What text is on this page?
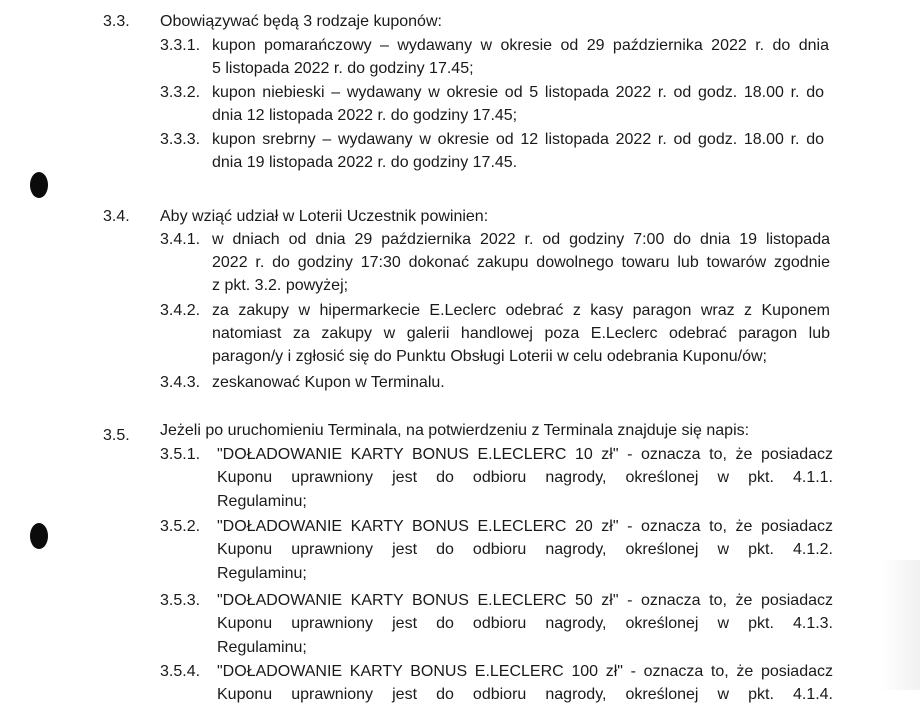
3.3. Obowiązywać będą 3 rodzaje kuponów:
3.3.1. kupon pomarańczowy – wydawany w okresie od 29 października 2022 r. do dnia
5 listopada 2022 r. do godziny 17.45;
3.3.2. kupon niebieski – wydawany w okresie od 5 listopada 2022 r. od godz. 18.00 r. do
dnia 12 listopada 2022 r. do godziny 17.45;
3.3.3. kupon srebrny – wydawany w okresie od 12 listopada 2022 r. od godz. 18.00 r. do
dnia 19 listopada 2022 r. do godziny 17.45.
3.4. Aby wziąć udział w Loterii Uczestnik powinien:
3.4.1. w dniach od dnia 29 października 2022 r. od godziny 7:00 do dnia 19 listopada
2022 r. do godziny 17:30 dokonać zakupu dowolnego towaru lub towarów zgodnie
z pkt. 3.2. powyżej;
3.4.2. za zakupy w hipermarkecie E.Leclerc odebrać z kasy paragon wraz z Kuponem
natomiast za zakupy w galerii handlowej poza E.Leclerc odebrać paragon lub
paragon/y i zgłosić się do Punktu Obsługi Loterii w celu odebrania Kuponu/ów;
3.4.3. zeskanować Kupon w Terminalu.
3.5. Jeżeli po uruchomieniu Terminala, na potwierdzeniu z Terminala znajduje się napis:
3.5.1. "DOŁADOWANIE KARTY BONUS E.LECLERC 10 zł" - oznacza to, że posiadacz
Kuponu uprawniony jest do odbioru nagrody, określonej w pkt. 4.1.1.
Regulaminu;
3.5.2. "DOŁADOWANIE KARTY BONUS E.LECLERC 20 zł" - oznacza to, że posiadacz
Kuponu uprawniony jest do odbioru nagrody, określonej w pkt. 4.1.2.
Regulaminu;
3.5.3. "DOŁADOWANIE KARTY BONUS E.LECLERC 50 zł" - oznacza to, że posiadacz
Kuponu uprawniony jest do odbioru nagrody, określonej w pkt. 4.1.3.
Regulaminu;
3.5.4. "DOŁADOWANIE KARTY BONUS E.LECLERC 100 zł" - oznacza to, że posiadacz
Kuponu uprawniony jest do odbioru nagrody, określonej w pkt. 4.1.4.
